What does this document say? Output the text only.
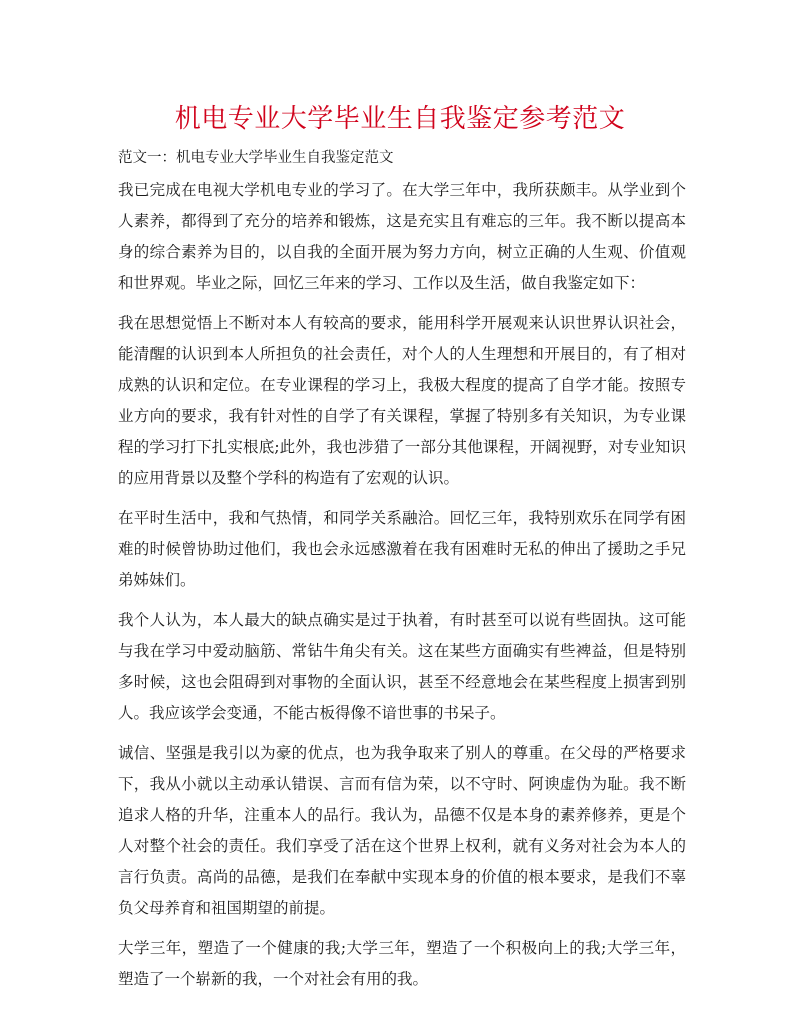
机电专业大学毕业生自我鉴定参考范文

范文一：机电专业大学毕业生自我鉴定范文

我已完成在电视大学机电专业的学习了。在大学三年中，我所获颇丰。从学业到个人素养，都得到了充分的培养和锻炼，这是充实且有难忘的三年。我不断以提高本身的综合素养为目的，以自我的全面开展为努力方向，树立正确的人生观、价值观和世界观。毕业之际，回忆三年来的学习、工作以及生活，做自我鉴定如下：

我在思想觉悟上不断对本人有较高的要求，能用科学开展观来认识世界认识社会，能清醒的认识到本人所担负的社会责任，对个人的人生理想和开展目的，有了相对成熟的认识和定位。在专业课程的学习上，我极大程度的提高了自学才能。按照专业方向的要求，我有针对性的自学了有关课程，掌握了特别多有关知识，为专业课程的学习打下扎实根底;此外，我也涉猎了一部分其他课程，开阔视野，对专业知识的应用背景以及整个学科的构造有了宏观的认识。

在平时生活中，我和气热情，和同学关系融洽。回忆三年，我特别欢乐在同学有困难的时候曾协助过他们，我也会永远感激着在我有困难时无私的伸出了援助之手兄弟姊妹们。

我个人认为，本人最大的缺点确实是过于执着，有时甚至可以说有些固执。这可能与我在学习中爱动脑筋、常钻牛角尖有关。这在某些方面确实有些裨益，但是特别多时候，这也会阻碍到对事物的全面认识，甚至不经意地会在某些程度上损害到别人。我应该学会变通，不能古板得像不谙世事的书呆子。

诚信、坚强是我引以为豪的优点，也为我争取来了别人的尊重。在父母的严格要求下，我从小就以主动承认错误、言而有信为荣，以不守时、阿谀虚伪为耻。我不断追求人格的升华，注重本人的品行。我认为，品德不仅是本身的素养修养，更是个人对整个社会的责任。我们享受了活在这个世界上权利，就有义务对社会为本人的言行负责。高尚的品德，是我们在奉献中实现本身的价值的根本要求，是我们不辜负父母养育和祖国期望的前提。

大学三年，塑造了一个健康的我;大学三年，塑造了一个积极向上的我;大学三年，塑造了一个崭新的我，一个对社会有用的我。
